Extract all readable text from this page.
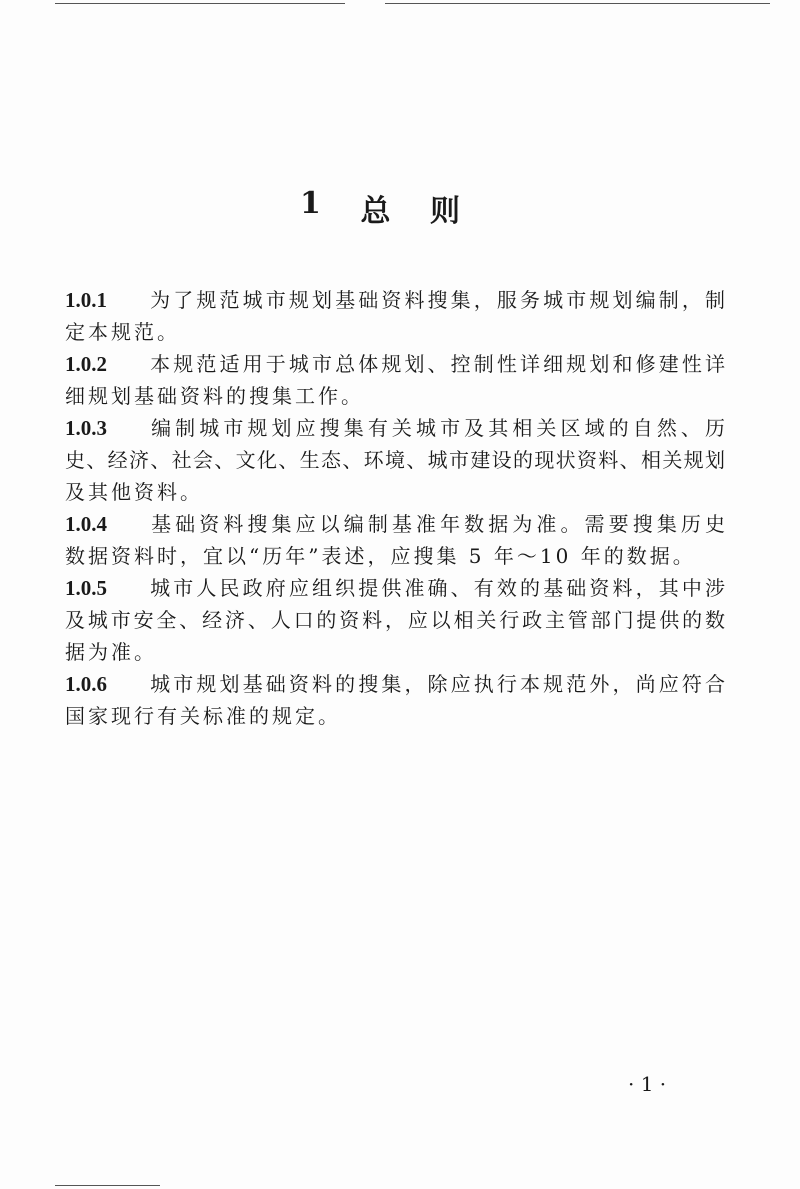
1 总 则
1.0.1 为了规范城市规划基础资料搜集，服务城市规划编制，制
定本规范。
1.0.2 本规范适用于城市总体规划、控制性详细规划和修建性详
细规划基础资料的搜集工作。
1.0.3 编制城市规划应搜集有关城市及其相关区域的自然、历
史、经济、社会、文化、生态、环境、城市建设的现状资料、相关规划
及其他资料。
1.0.4 基础资料搜集应以编制基准年数据为准。需要搜集历史
数据资料时，宜以“历年”表述，应搜集 5 年～10 年的数据。
1.0.5 城市人民政府应组织提供准确、有效的基础资料，其中涉
及城市安全、经济、人口的资料，应以相关行政主管部门提供的数
据为准。
1.0.6 城市规划基础资料的搜集，除应执行本规范外，尚应符合
国家现行有关标准的规定。
· 1 ·
